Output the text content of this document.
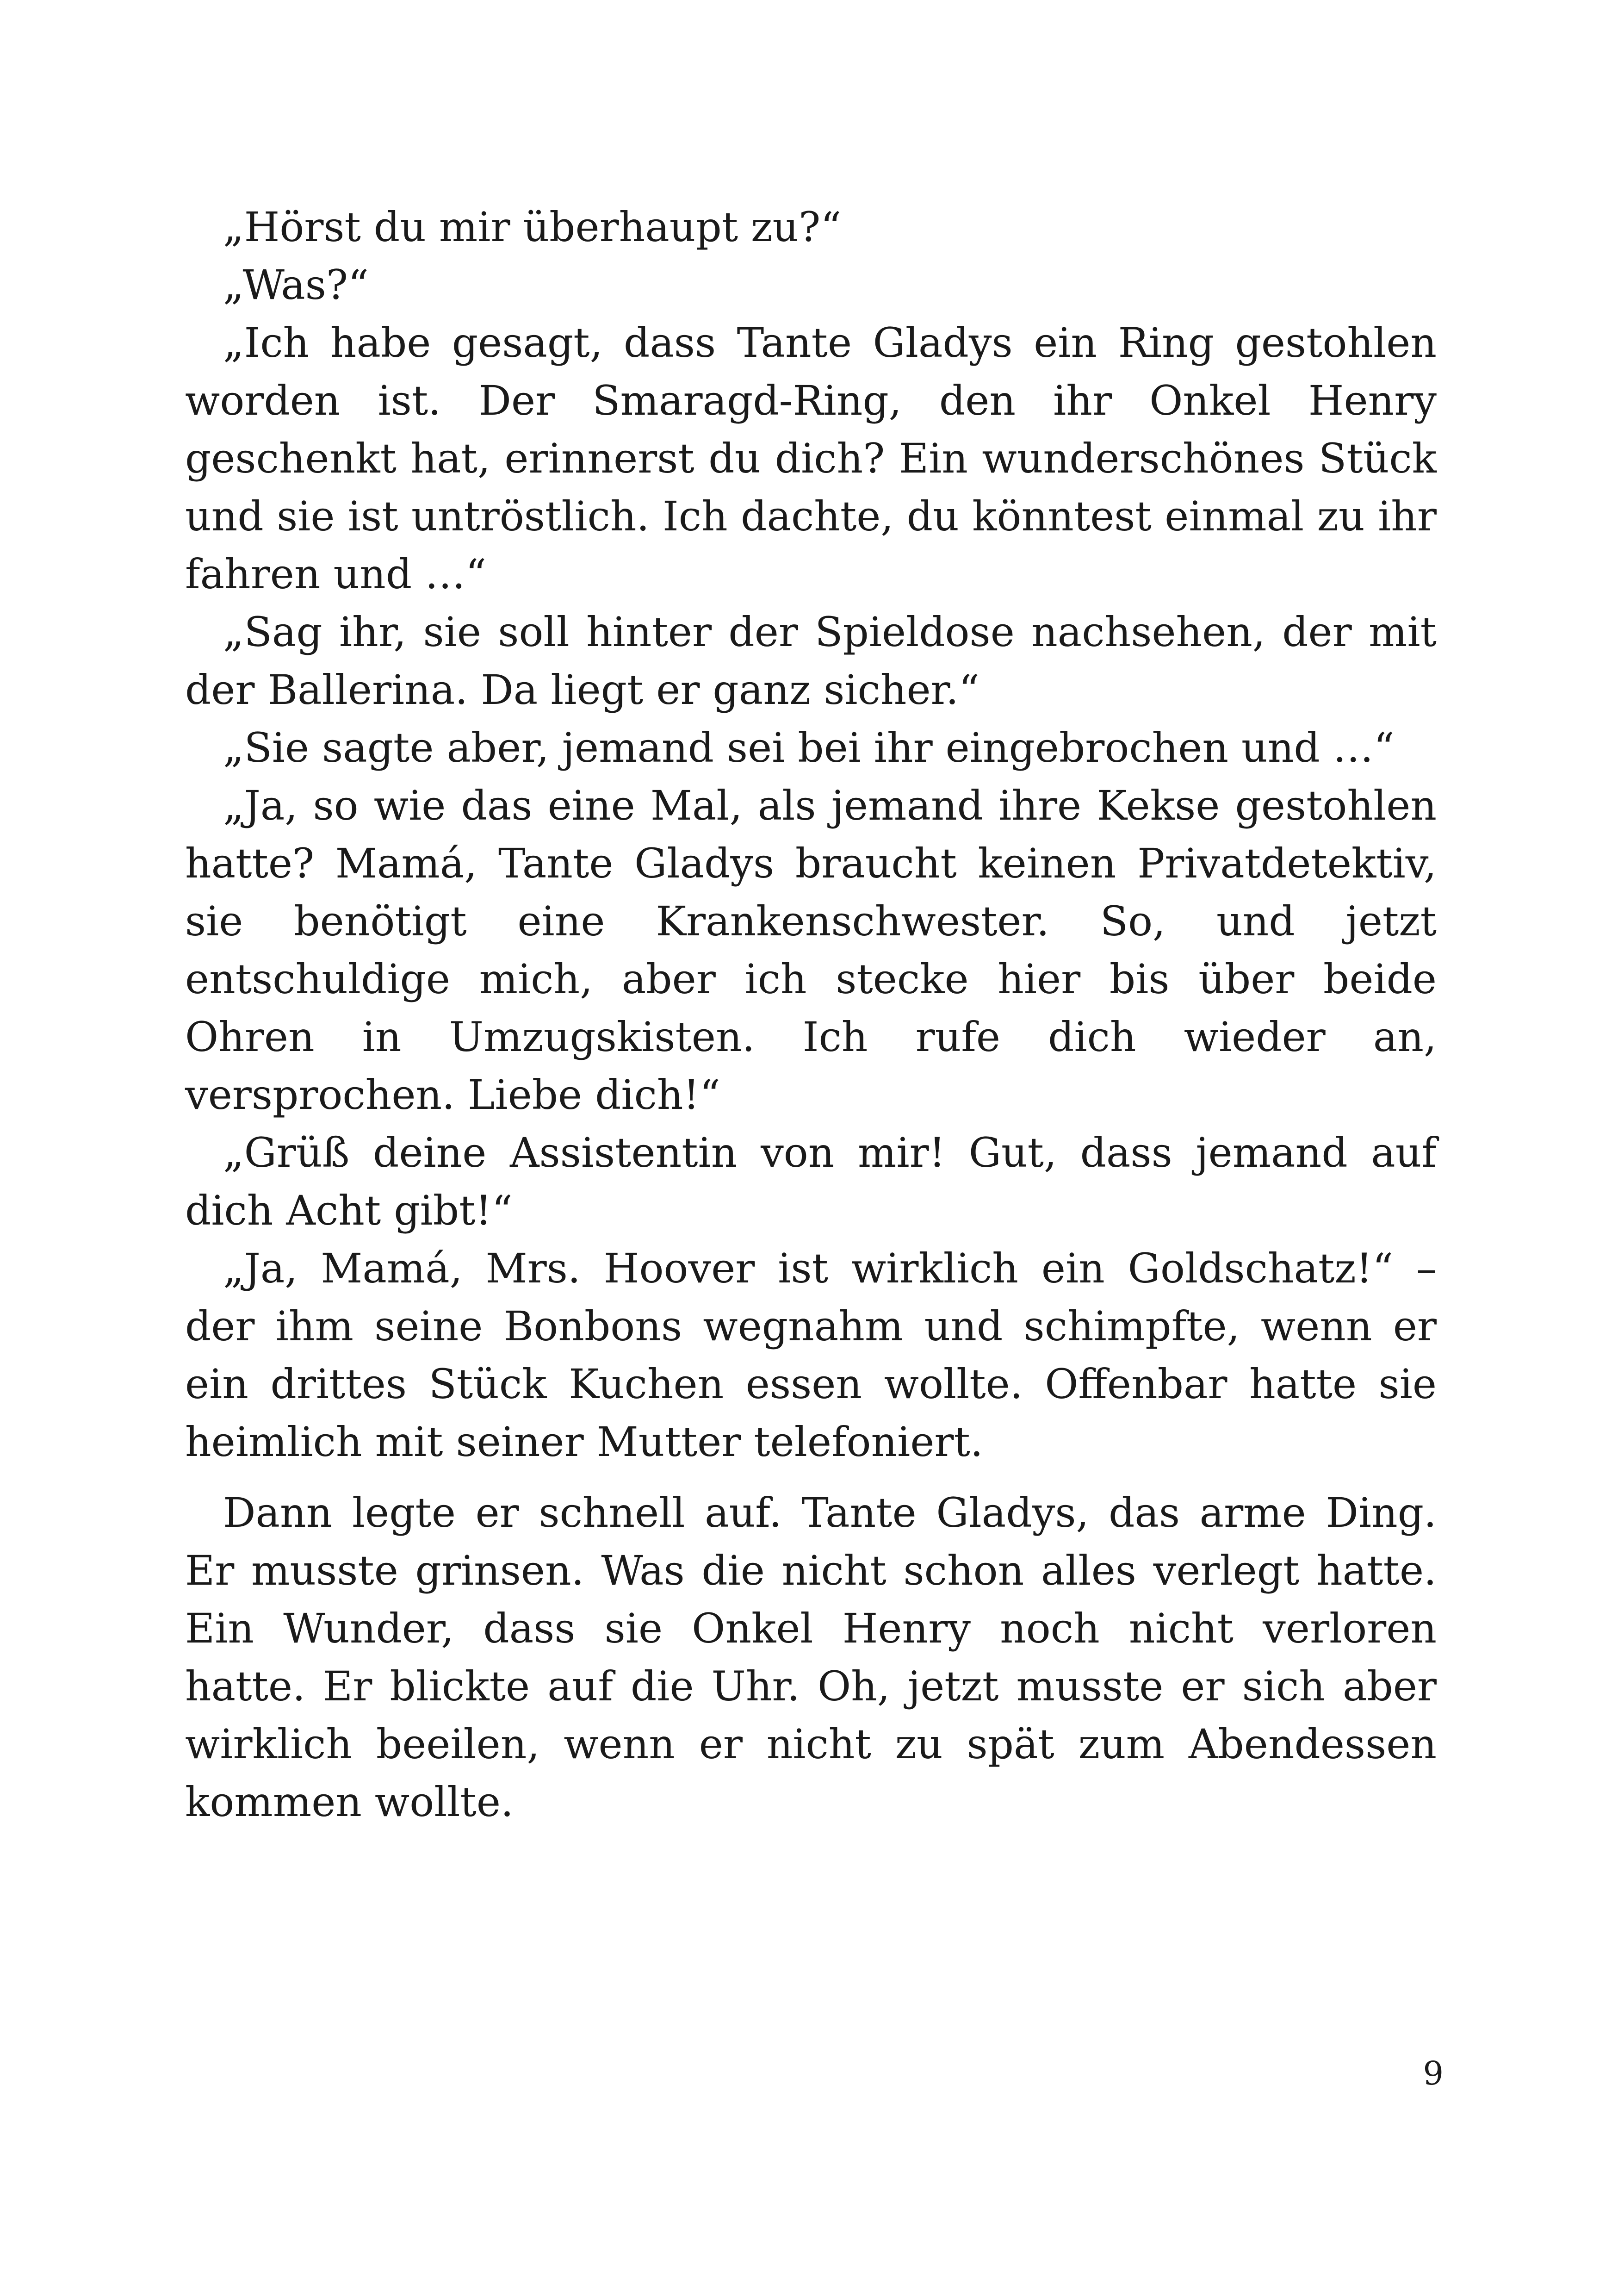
„Hörst du mir überhaupt zu?“

„Was?“

„Ich habe gesagt, dass Tante Gladys ein Ring gestohlen worden ist. Der Smaragd-Ring, den ihr Onkel Henry geschenkt hat, erinnerst du dich? Ein wunderschönes Stück und sie ist untröstlich. Ich dachte, du könntest einmal zu ihr fahren und …“

„Sag ihr, sie soll hinter der Spieldose nachsehen, der mit der Ballerina. Da liegt er ganz sicher.“

„Sie sagte aber, jemand sei bei ihr eingebrochen und …“

„Ja, so wie das eine Mal, als jemand ihre Kekse gestohlen hatte? Mamá, Tante Gladys braucht keinen Privatdetektiv, sie benötigt eine Krankenschwester. So, und jetzt entschuldige mich, aber ich stecke hier bis über beide Ohren in Umzugskisten. Ich rufe dich wieder an, versprochen. Liebe dich!“

„Grüß deine Assistentin von mir! Gut, dass jemand auf dich Acht gibt!“

„Ja, Mamá, Mrs. Hoover ist wirklich ein Goldschatz!“ – der ihm seine Bonbons wegnahm und schimpfte, wenn er ein drittes Stück Kuchen essen wollte. Offenbar hatte sie heimlich mit seiner Mutter telefoniert.

Dann legte er schnell auf. Tante Gladys, das arme Ding. Er musste grinsen. Was die nicht schon alles verlegt hatte. Ein Wunder, dass sie Onkel Henry noch nicht verloren hatte. Er blickte auf die Uhr. Oh, jetzt musste er sich aber wirklich beeilen, wenn er nicht zu spät zum Abendessen kommen wollte.

9
